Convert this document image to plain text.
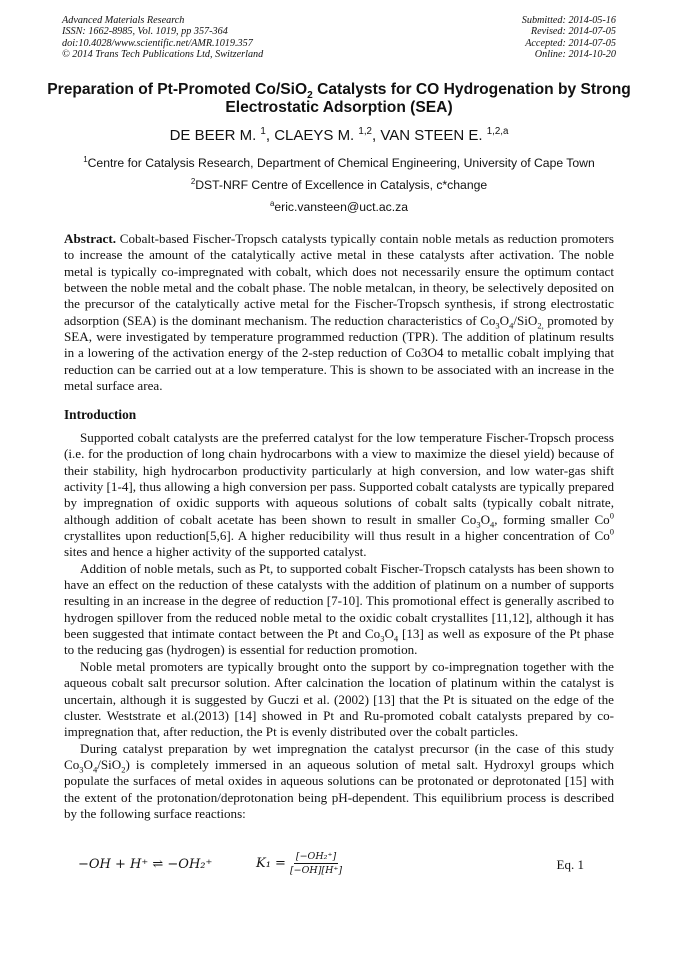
Advanced Materials Research
ISSN: 1662-8985, Vol. 1019, pp 357-364
doi:10.4028/www.scientific.net/AMR.1019.357
© 2014 Trans Tech Publications Ltd, Switzerland
Submitted: 2014-05-16
Revised: 2014-07-05
Accepted: 2014-07-05
Online: 2014-10-20
Preparation of Pt-Promoted Co/SiO$_2$ Catalysts for CO Hydrogenation by Strong Electrostatic Adsorption (SEA)
DE BEER M. $^1$, CLAEYS M. $^{1,2}$, VAN STEEN E. $^{1,2,a}$
$^1$Centre for Catalysis Research, Department of Chemical Engineering, University of Cape Town
$^2$DST-NRF Centre of Excellence in Catalysis, c*change
$^a$eric.vansteen@uct.ac.za
Abstract. Cobalt-based Fischer-Tropsch catalysts typically contain noble metals as reduction promoters to increase the amount of the catalytically active metal in these catalysts after activation. The noble metal is typically co-impregnated with cobalt, which does not necessarily ensure the optimum contact between the noble metal and the cobalt phase. The noble metalcan, in theory, be selectively deposited on the precursor of the catalytically active metal for the Fischer-Tropsch synthesis, if strong electrostatic adsorption (SEA) is the dominant mechanism. The reduction characteristics of $Co_3O_4/SiO_{2,}$ promoted by SEA, were investigated by temperature programmed reduction (TPR). The addition of platinum results in a lowering of the activation energy of the 2-step reduction of Co3O4 to metallic cobalt implying that reduction can be carried out at a low temperature. This is shown to be associated with an increase in the metal surface area.
Introduction

Supported cobalt catalysts are the preferred catalyst for the low temperature Fischer-Tropsch process (i.e. for the production of long chain hydrocarbons with a view to maximize the diesel yield) because of their stability, high hydrocarbon productivity particularly at high conversion, and low water-gas shift activity [1-4], thus allowing a high conversion per pass. Supported cobalt catalysts are typically prepared by impregnation of oxidic supports with aqueous solutions of cobalt salts (typically cobalt nitrate, although addition of cobalt acetate has been shown to result in smaller $Co_3O_4$, forming smaller Co$^0$ crystallites upon reduction[5,6]. A higher reducibility will thus result in a higher concentration of Co$^0$ sites and hence a higher activity of the supported catalyst.

Addition of noble metals, such as Pt, to supported cobalt Fischer-Tropsch catalysts has been shown to have an effect on the reduction of these catalysts with the addition of platinum on a number of supports resulting in an increase in the degree of reduction [7-10]. This promotional effect is generally ascribed to hydrogen spillover from the reduced noble metal to the oxidic cobalt crystallites [11,12], although it has been suggested that intimate contact between the Pt and $Co_3O_4$ [13] as well as exposure of the Pt phase to the reducing gas (hydrogen) is essential for reduction promotion.

Noble metal promoters are typically brought onto the support by co-impregnation together with the aqueous cobalt salt precursor solution. After calcination the location of platinum within the catalyst is uncertain, although it is suggested by Guczi et al. (2002) [13] that the Pt is situated on the edge of the cluster. Weststrate et al.(2013) [14] showed in Pt and Ru-promoted cobalt catalysts prepared by co-impregnation that, after reduction, the Pt is evenly distributed over the cobalt particles.

During catalyst preparation by wet impregnation the catalyst precursor (in the case of this study $Co_3O_4/SiO_2$) is completely immersed in an aqueous solution of metal salt. Hydroxyl groups which populate the surfaces of metal oxides in aqueous solutions can be protonated or deprotonated [15] with the extent of the protonation/deprotonation being pH-dependent. This equilibrium process is described by the following surface reactions:

−OH + H⁺ ⇌ −OH₂⁺	$K_1 = \frac{\text{[−OH₂⁺]}}{[-OH][H^+]}$	Eq. 1
